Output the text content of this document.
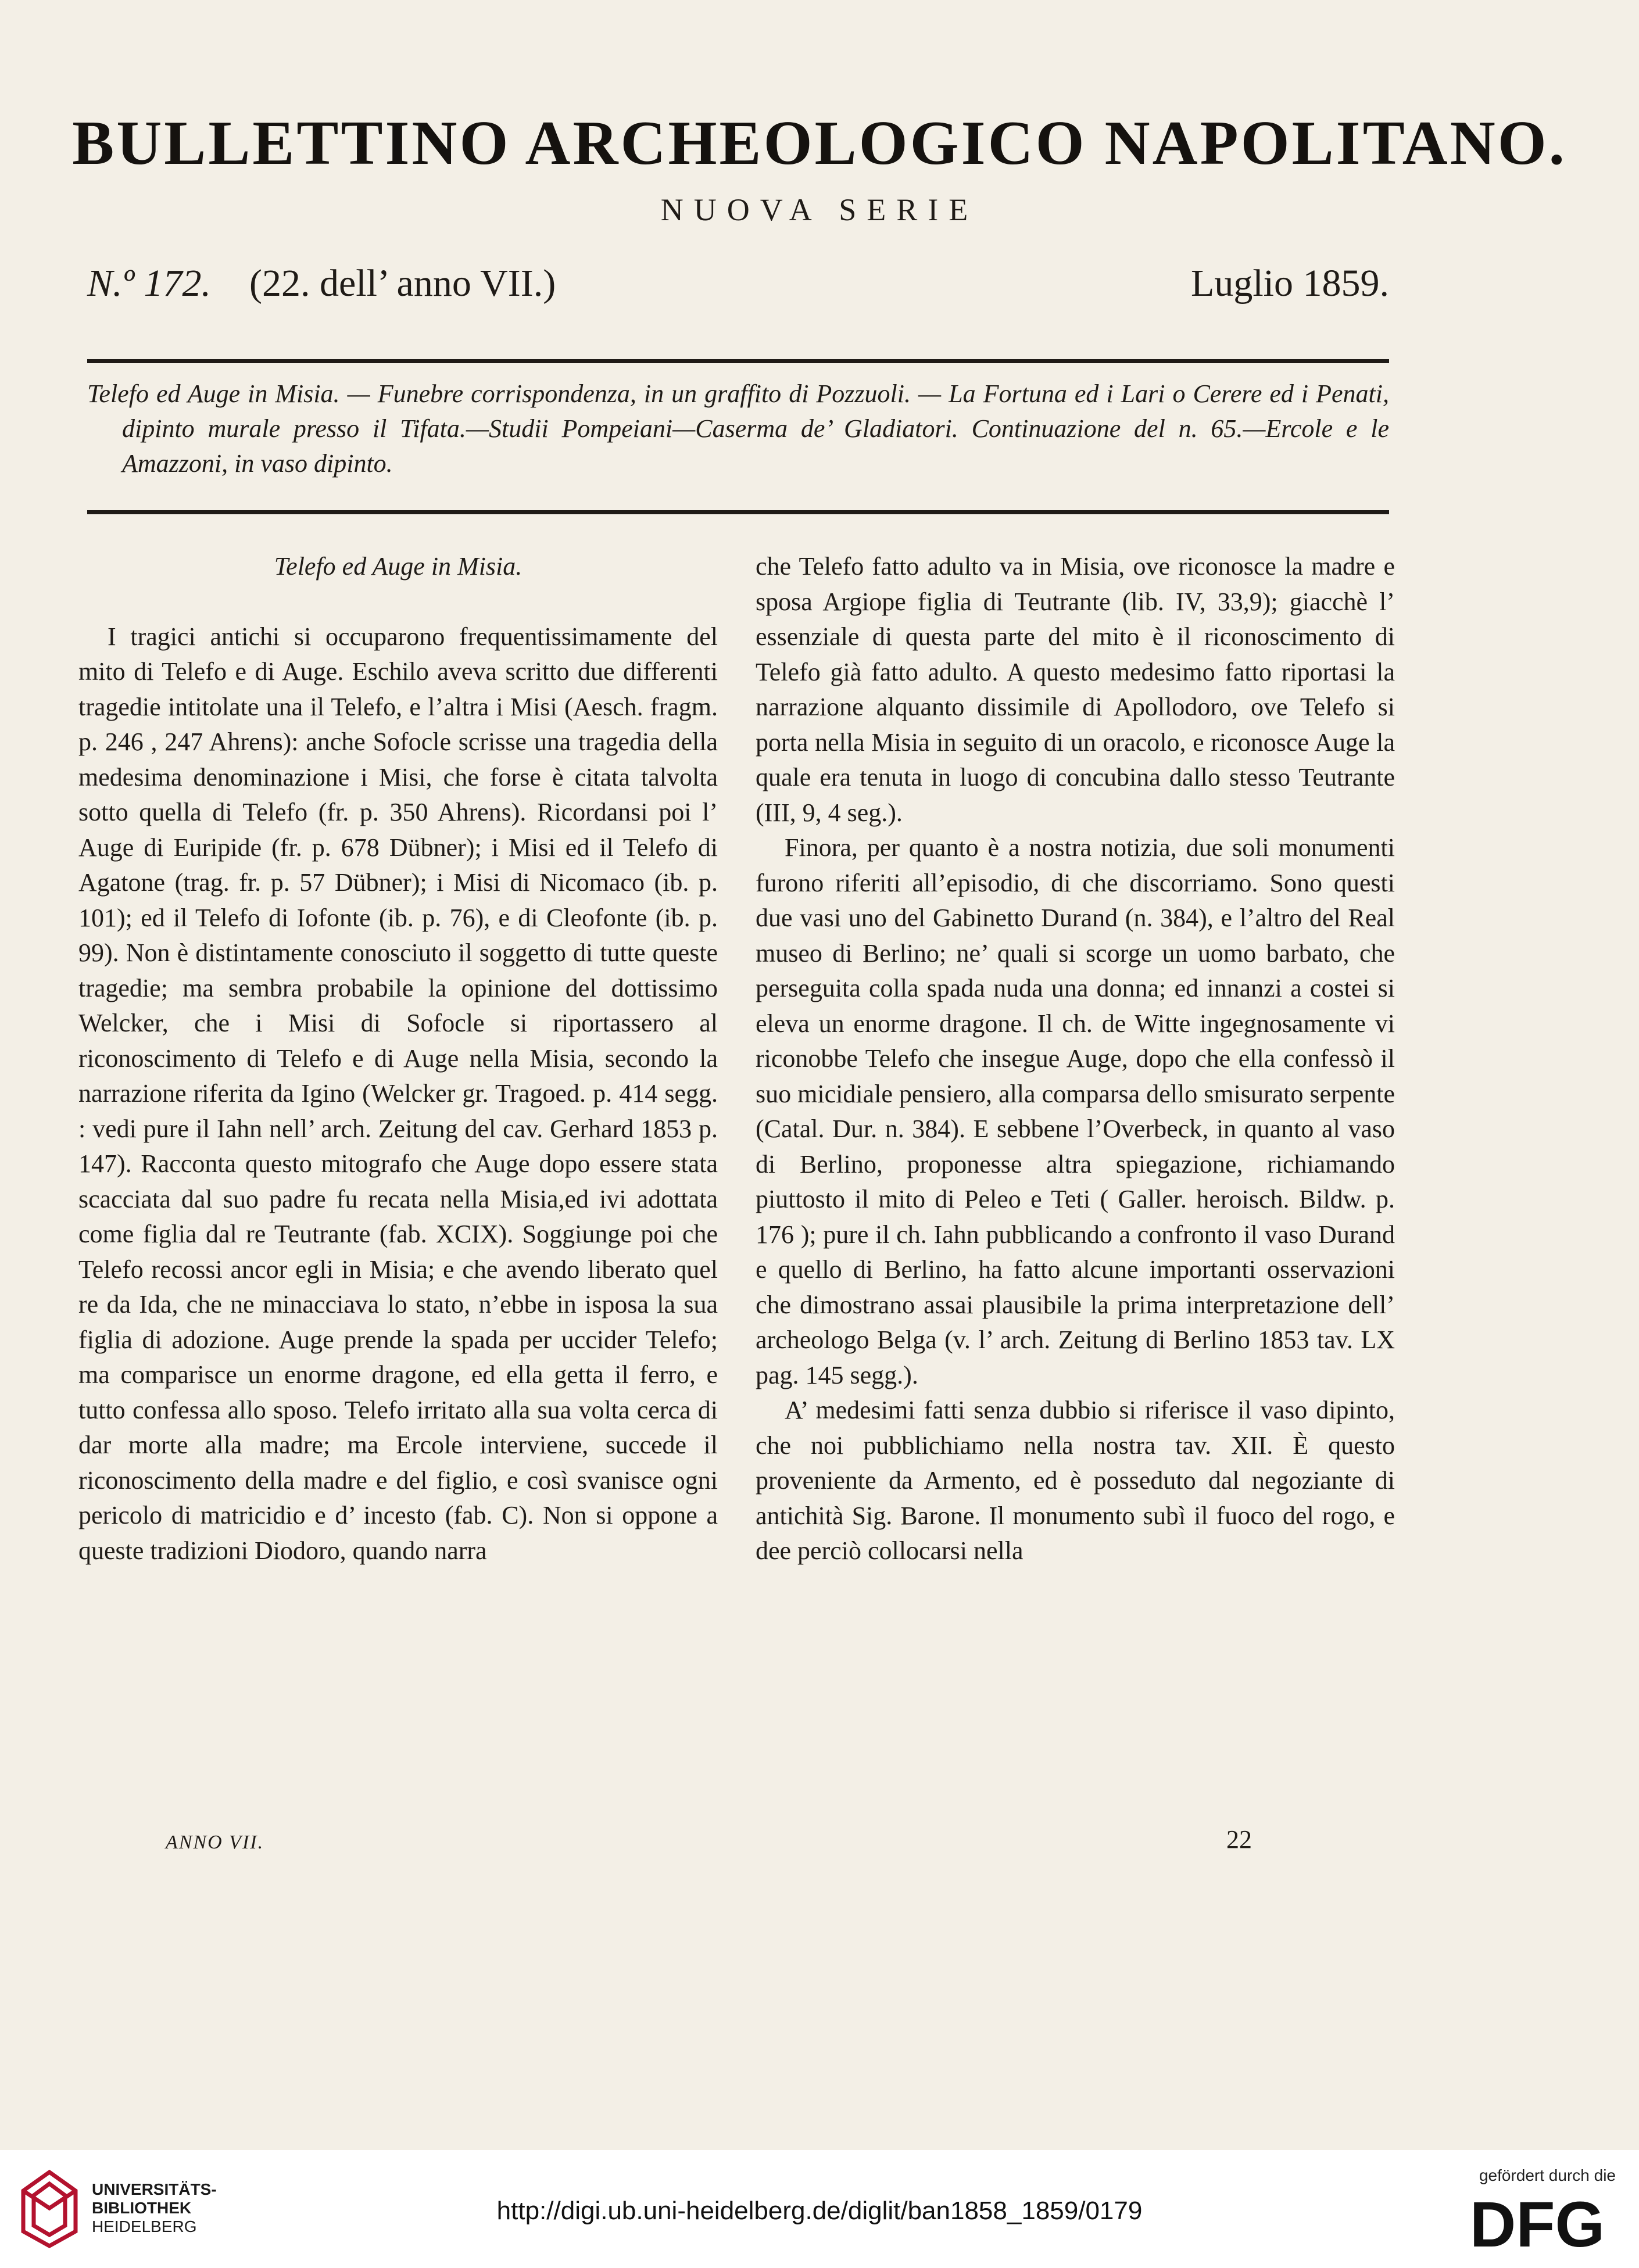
BULLETTINO ARCHEOLOGICO NAPOLITANO.
NUOVA SERIE
N.º 172. (22. dell’ anno VII.)	Luglio 1859.

Telefo ed Auge in Misia. — Funebre corrispondenza, in un graffito di Pozzuoli. — La Fortuna ed i Lari o Cerere ed i Penati, dipinto murale presso il Tifata.—Studii Pompeiani—Caserma de’ Gladiatori. Continuazione del n. 65.—Ercole e le Amazzoni, in vaso dipinto.

Telefo ed Auge in Misia.

I tragici antichi si occuparono frequentissimamente del mito di Telefo e di Auge. Eschilo aveva scritto due differenti tragedie intitolate una il Telefo, e l’altra i Misi (Aesch. fragm. p. 246 , 247 Ahrens): anche Sofocle scrisse una tragedia della medesima denominazione i Misi, che forse è citata talvolta sotto quella di Telefo (fr. p. 350 Ahrens). Ricordansi poi l’ Auge di Euripide (fr. p. 678 Dübner); i Misi ed il Telefo di Agatone (trag. fr. p. 57 Dübner); i Misi di Nicomaco (ib. p. 101); ed il Telefo di Iofonte (ib. p. 76), e di Cleofonte (ib. p. 99). Non è distintamente conosciuto il soggetto di tutte queste tragedie; ma sembra probabile la opinione del dottissimo Welcker, che i Misi di Sofocle si riportassero al riconoscimento di Telefo e di Auge nella Misia, secondo la narrazione riferita da Igino (Welcker gr. Tragoed. p. 414 segg. : vedi pure il Iahn nell’ arch. Zeitung del cav. Gerhard 1853 p. 147). Racconta questo mitografo che Auge dopo essere stata scacciata dal suo padre fu recata nella Misia,ed ivi adottata come figlia dal re Teutrante (fab. XCIX). Soggiunge poi che Telefo recossi ancor egli in Misia; e che avendo liberato quel re da Ida, che ne minacciava lo stato, n’ebbe in isposa la sua figlia di adozione. Auge prende la spada per uccider Telefo; ma comparisce un enorme dragone, ed ella getta il ferro, e tutto confessa allo sposo. Telefo irritato alla sua volta cerca di dar morte alla madre; ma Ercole interviene, succede il riconoscimento della madre e del figlio, e così svanisce ogni pericolo di matricidio e d’ incesto (fab. C). Non si oppone a queste tradizioni Diodoro, quando narra

che Telefo fatto adulto va in Misia, ove riconosce la madre e sposa Argiope figlia di Teutrante (lib. IV, 33,9); giacchè l’ essenziale di questa parte del mito è il riconoscimento di Telefo già fatto adulto. A questo medesimo fatto riportasi la narrazione alquanto dissimile di Apollodoro, ove Telefo si porta nella Misia in seguito di un oracolo, e riconosce Auge la quale era tenuta in luogo di concubina dallo stesso Teutrante (III, 9, 4 seg.).

Finora, per quanto è a nostra notizia, due soli monumenti furono riferiti all’episodio, di che discorriamo. Sono questi due vasi uno del Gabinetto Durand (n. 384), e l’altro del Real museo di Berlino; ne’ quali si scorge un uomo barbato, che perseguita colla spada nuda una donna; ed innanzi a costei si eleva un enorme dragone. Il ch. de Witte ingegnosamente vi riconobbe Telefo che insegue Auge, dopo che ella confessò il suo micidiale pensiero, alla comparsa dello smisurato serpente (Catal. Dur. n. 384). E sebbene l’Overbeck, in quanto al vaso di Berlino, proponesse altra spiegazione, richiamando piuttosto il mito di Peleo e Teti ( Galler. heroisch. Bildw. p. 176 ); pure il ch. Iahn pubblicando a confronto il vaso Durand e quello di Berlino, ha fatto alcune importanti osservazioni che dimostrano assai plausibile la prima interpretazione dell’ archeologo Belga (v. l’ arch. Zeitung di Berlino 1853 tav. LX pag. 145 segg.).

A’ medesimi fatti senza dubbio si riferisce il vaso dipinto, che noi pubblichiamo nella nostra tav. XII. È questo proveniente da Armento, ed è posseduto dal negoziante di antichità Sig. Barone. Il monumento subì il fuoco del rogo, e dee perciò collocarsi nella

ANNO VII.	22
UNIVERSITÄTS-
BIBLIOTHEK
HEIDELBERG
http://digi.ub.uni-heidelberg.de/diglit/ban1858_1859/0179
gefördert durch die
DFG
